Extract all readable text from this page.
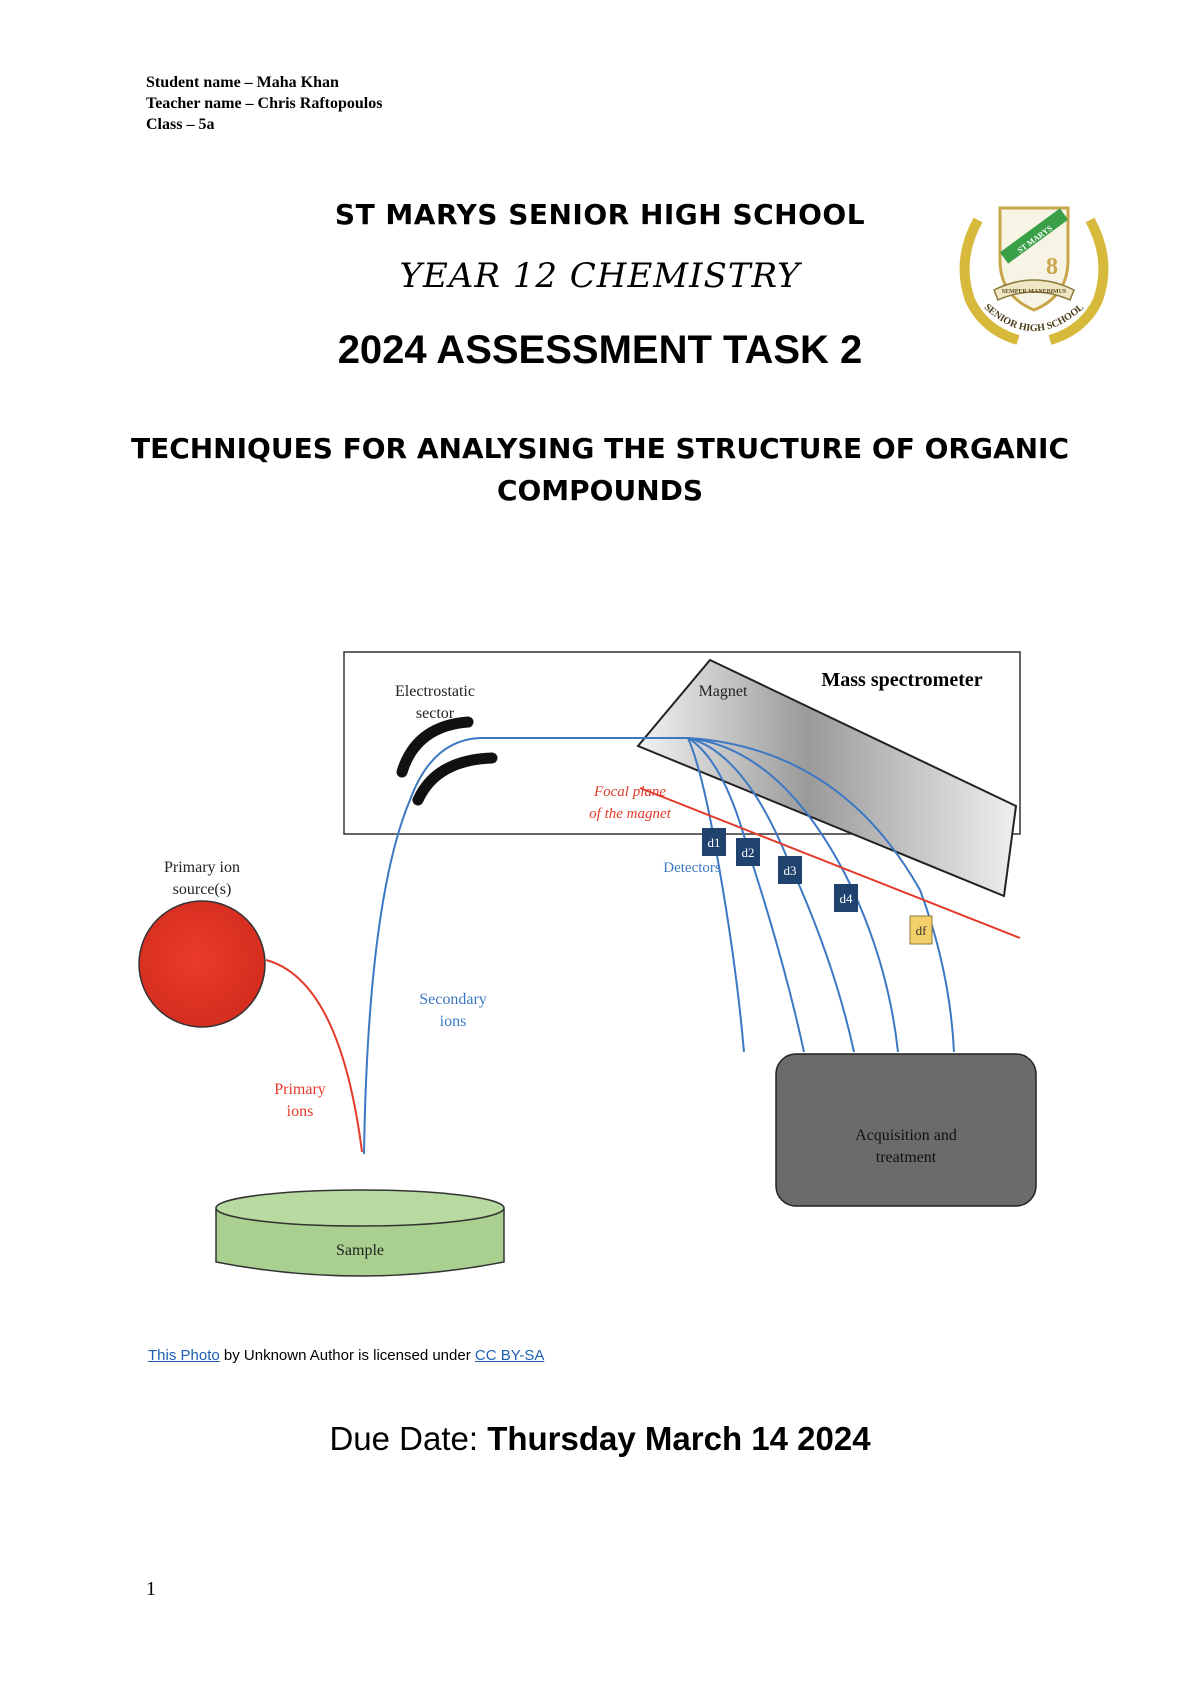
Student name – Maha Khan
Teacher name – Chris Raftopoulos
Class – 5a
ST MARYS SENIOR HIGH SCHOOL
YEAR 12 CHEMISTRY
2024 ASSESSMENT TASK 2
TECHNIQUES FOR ANALYSING THE STRUCTURE OF ORGANIC COMPOUNDS
ST MARYS
8
SEMPER MANEBIMUS
SENIOR HIGH SCHOOL
d1
d2
d3
d4
df
Mass spectrometer
Electrostatic
sector
Magnet
Focal plane
of the magnet
Detectors
Primary ion
source(s)
Secondary
ions
Primary
ions
Sample
Acquisition and
treatment
This Photo by Unknown Author is licensed under CC BY-SA
Due Date: Thursday March 14 2024
1
